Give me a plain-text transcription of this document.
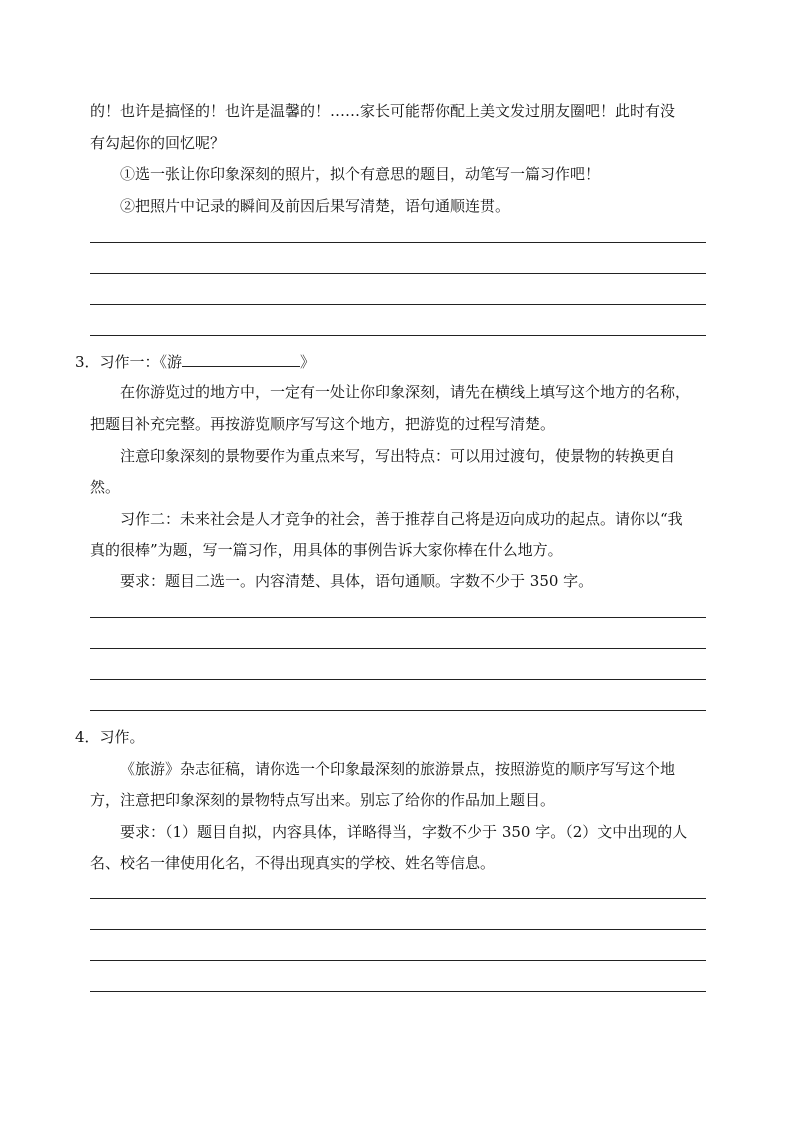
的！也许是搞怪的！也许是温馨的！……家长可能帮你配上美文发过朋友圈吧！此时有没
有勾起你的回忆呢？
①选一张让你印象深刻的照片，拟个有意思的题目，动笔写一篇习作吧！
②把照片中记录的瞬间及前因后果写清楚，语句通顺连贯。
3．习作一：《游	》
在你游览过的地方中，一定有一处让你印象深刻，请先在横线上填写这个地方的名称，
把题目补充完整。再按游览顺序写写这个地方，把游览的过程写清楚。
注意印象深刻的景物要作为重点来写，写出特点：可以用过渡句，使景物的转换更自
然。
习作二：未来社会是人才竞争的社会，善于推荐自己将是迈向成功的起点。请你以“我
真的很棒”为题，写一篇习作，用具体的事例告诉大家你棒在什么地方。
要求：题目二选一。内容清楚、具体，语句通顺。字数不少于 350 字。
4．习作。
《旅游》杂志征稿，请你选一个印象最深刻的旅游景点，按照游览的顺序写写这个地
方，注意把印象深刻的景物特点写出来。别忘了给你的作品加上题目。
要求：（1）题目自拟，内容具体，详略得当，字数不少于 350 字。（2）文中出现的人
名、校名一律使用化名，不得出现真实的学校、姓名等信息。
